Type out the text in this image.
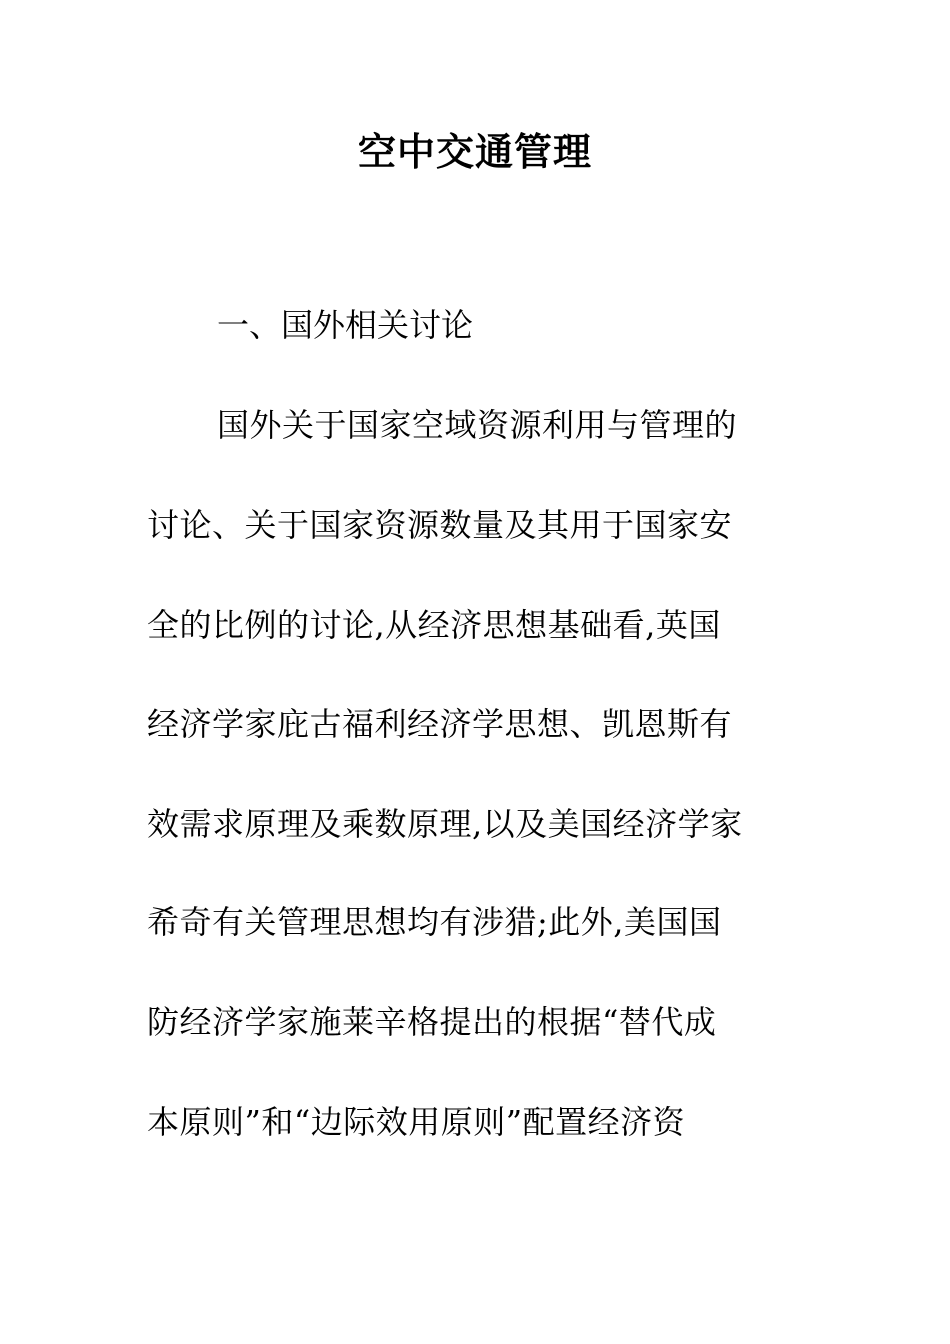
空中交通管理
一、国外相关讨论
国外关于国家空域资源利用与管理的
讨论、关于国家资源数量及其用于国家安
全的比例的讨论,从经济思想基础看,英国
经济学家庇古福利经济学思想、凯恩斯有
效需求原理及乘数原理,以及美国经济学家
希奇有关管理思想均有涉猎;此外,美国国
防经济学家施莱辛格提出的根据“替代成
本原则”和“边际效用原则”配置经济资
